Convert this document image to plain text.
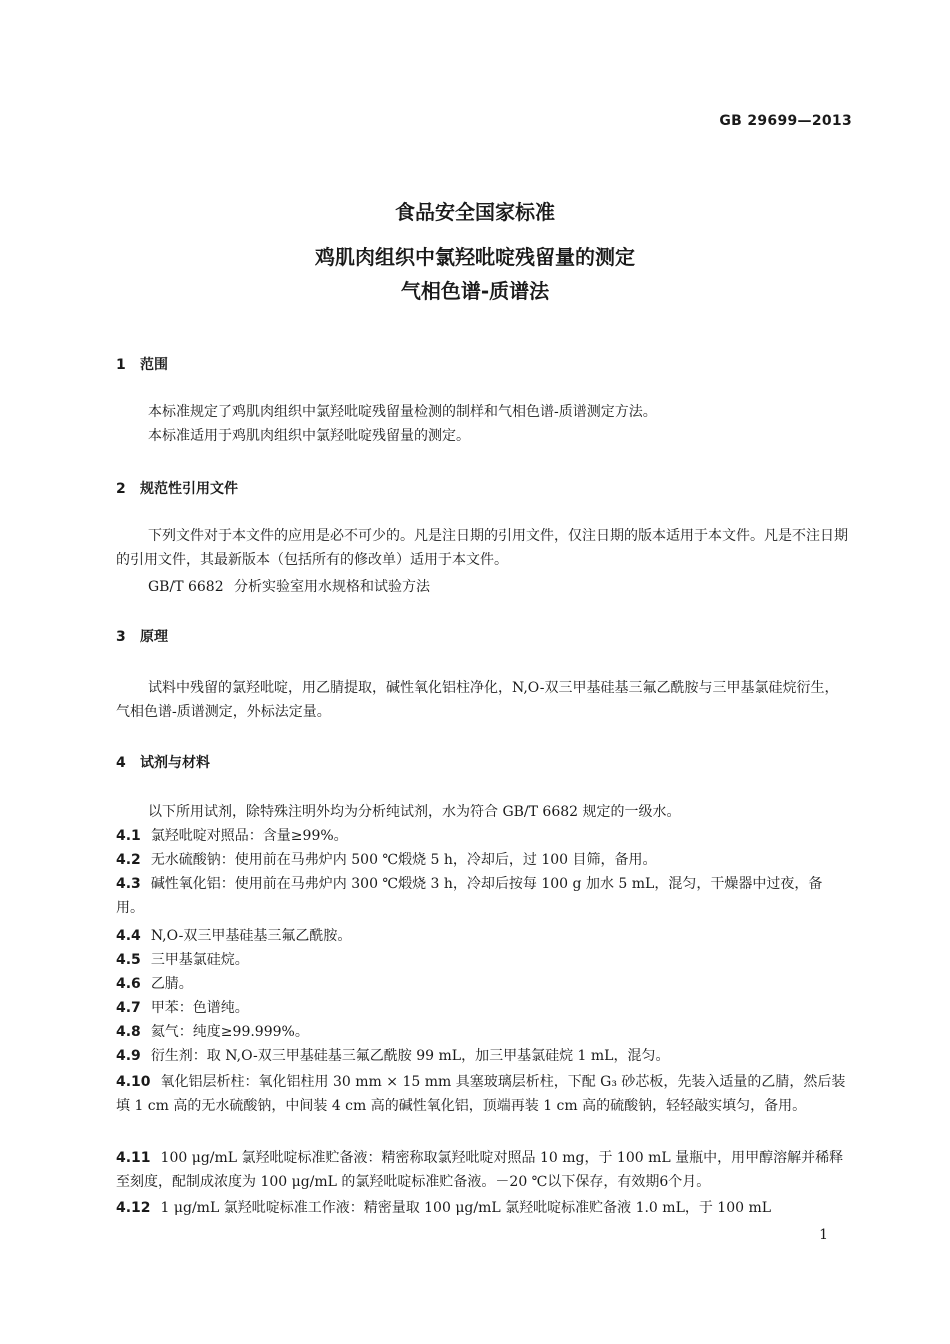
GB 29699—2013
食品安全国家标准
鸡肌肉组织中氯羟吡啶残留量的测定
气相色谱-质谱法
1 范围
本标准规定了鸡肌肉组织中氯羟吡啶残留量检测的制样和气相色谱-质谱测定方法。
本标准适用于鸡肌肉组织中氯羟吡啶残留量的测定。
2 规范性引用文件
下列文件对于本文件的应用是必不可少的。凡是注日期的引用文件，仅注日期的版本适用于本文件。凡是不注日期的引用文件，其最新版本（包括所有的修改单）适用于本文件。
GB/T 6682 分析实验室用水规格和试验方法
3 原理
试料中残留的氯羟吡啶，用乙腈提取，碱性氧化铝柱净化，N,O-双三甲基硅基三氟乙酰胺与三甲基氯硅烷衍生，气相色谱-质谱测定，外标法定量。
4 试剂与材料
以下所用试剂，除特殊注明外均为分析纯试剂，水为符合 GB/T 6682 规定的一级水。
4.1 氯羟吡啶对照品：含量≥99%。
4.2 无水硫酸钠：使用前在马弗炉内 500 ℃煅烧 5 h，冷却后，过 100 目筛，备用。
4.3 碱性氧化铝：使用前在马弗炉内 300 ℃煅烧 3 h，冷却后按每 100 g 加水 5 mL，混匀，干燥器中过夜，备用。
4.4 N,O-双三甲基硅基三氟乙酰胺。
4.5 三甲基氯硅烷。
4.6 乙腈。
4.7 甲苯：色谱纯。
4.8 氦气：纯度≥99.999%。
4.9 衍生剂：取 N,O-双三甲基硅基三氟乙酰胺 99 mL，加三甲基氯硅烷 1 mL，混匀。
4.10 氧化铝层析柱：氧化铝柱用 30 mm × 15 mm 具塞玻璃层析柱，下配 G₃ 砂芯板，先装入适量的乙腈，然后装填 1 cm 高的无水硫酸钠，中间装 4 cm 高的碱性氧化铝，顶端再装 1 cm 高的硫酸钠，轻轻敲实填匀，备用。
4.11 100 μg/mL 氯羟吡啶标准贮备液：精密称取氯羟吡啶对照品 10 mg，于 100 mL 量瓶中，用甲醇溶解并稀释至刻度，配制成浓度为 100 μg/mL 的氯羟吡啶标准贮备液。－20 ℃以下保存，有效期6个月。
4.12 1 μg/mL 氯羟吡啶标准工作液：精密量取 100 μg/mL 氯羟吡啶标准贮备液 1.0 mL，于 100 mL
1
